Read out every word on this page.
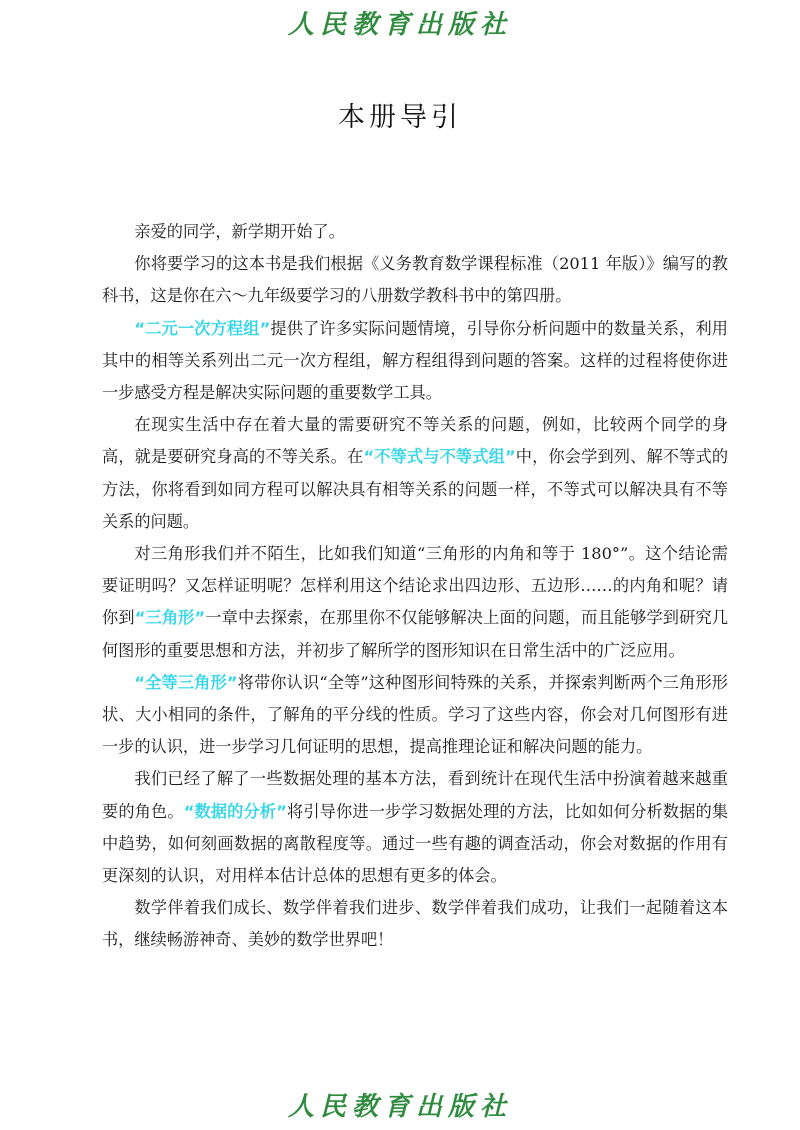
人民教育出版社
本册导引

亲爱的同学，新学期开始了。

你将要学习的这本书是我们根据《义务教育数学课程标准（2011 年版）》编写的教科书，这是你在六～九年级要学习的八册数学教科书中的第四册。

“二元一次方程组”提供了许多实际问题情境，引导你分析问题中的数量关系，利用其中的相等关系列出二元一次方程组，解方程组得到问题的答案。这样的过程将使你进一步感受方程是解决实际问题的重要数学工具。

在现实生活中存在着大量的需要研究不等关系的问题，例如，比较两个同学的身高，就是要研究身高的不等关系。在“不等式与不等式组”中，你会学到列、解不等式的方法，你将看到如同方程可以解决具有相等关系的问题一样，不等式可以解决具有不等关系的问题。

对三角形我们并不陌生，比如我们知道“三角形的内角和等于 180°”。这个结论需要证明吗？又怎样证明呢？怎样利用这个结论求出四边形、五边形……的内角和呢？请你到“三角形”一章中去探索，在那里你不仅能够解决上面的问题，而且能够学到研究几何图形的重要思想和方法，并初步了解所学的图形知识在日常生活中的广泛应用。

“全等三角形”将带你认识“全等”这种图形间特殊的关系，并探索判断两个三角形形状、大小相同的条件，了解角的平分线的性质。学习了这些内容，你会对几何图形有进一步的认识，进一步学习几何证明的思想，提高推理论证和解决问题的能力。

我们已经了解了一些数据处理的基本方法，看到统计在现代生活中扮演着越来越重要的角色。“数据的分析”将引导你进一步学习数据处理的方法，比如如何分析数据的集中趋势，如何刻画数据的离散程度等。通过一些有趣的调查活动，你会对数据的作用有更深刻的认识，对用样本估计总体的思想有更多的体会。

数学伴着我们成长、数学伴着我们进步、数学伴着我们成功，让我们一起随着这本书，继续畅游神奇、美妙的数学世界吧！

人民教育出版社
